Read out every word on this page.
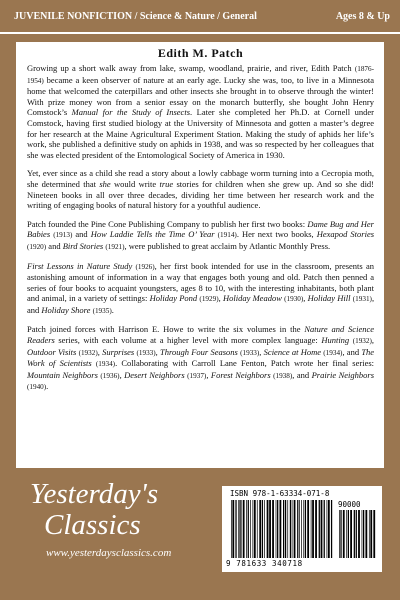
JUVENILE NONFICTION / Science & Nature / General	Ages 8 & Up
Edith M. Patch

Growing up a short walk away from lake, swamp, woodland, prairie, and river, Edith Patch (1876-1954) became a keen observer of nature at an early age. Lucky she was, too, to live in a Minnesota home that welcomed the caterpillars and other insects she brought in to observe through the winter! With prize money won from a senior essay on the monarch butterfly, she bought John Henry Comstock’s Manual for the Study of Insects. Later she completed her Ph.D. at Cornell under Comstock, having first studied biology at the University of Minnesota and gotten a master’s degree for her research at the Maine Agricultural Experiment Station. Making the study of aphids her life’s work, she published a definitive study on aphids in 1938, and was so respected by her colleagues that she was elected president of the Entomological Society of America in 1930.

Yet, ever since as a child she read a story about a lowly cabbage worm turning into a Cecropia moth, she determined that she would write true stories for children when she grew up. And so she did! Nineteen books in all over three decades, dividing her time between her research work and the writing of engaging books of natural history for a youthful audience.

Patch founded the Pine Cone Publishing Company to publish her first two books: Dame Bug and Her Babies (1913) and How Laddie Tells the Time O’ Year (1914). Her next two books, Hexapod Stories (1920) and Bird Stories (1921), were published to great acclaim by Atlantic Monthly Press.

First Lessons in Nature Study (1926), her first book intended for use in the classroom, presents an astonishing amount of information in a way that engages both young and old. Patch then penned a series of four books to acquaint youngsters, ages 8 to 10, with the interesting inhabitants, both plant and animal, in a variety of settings: Holiday Pond (1929), Holiday Meadow (1930), Holiday Hill (1931), and Holiday Shore (1935).

Patch joined forces with Harrison E. Howe to write the six volumes in the Nature and Science Readers series, with each volume at a higher level with more complex language: Hunting (1932), Outdoor Visits (1932), Surprises (1933), Through Four Seasons (1933), Science at Home (1934), and The Work of Scientists (1934). Collaborating with Carroll Lane Fenton, Patch wrote her final series: Mountain Neighbors (1936), Desert Neighbors (1937), Forest Neighbors (1938), and Prairie Neighbors (1940).

Yesterday's
Classics
www.yesterdaysclassics.com
ISBN 978-1-63334-071-8
90000
9 781633 340718
